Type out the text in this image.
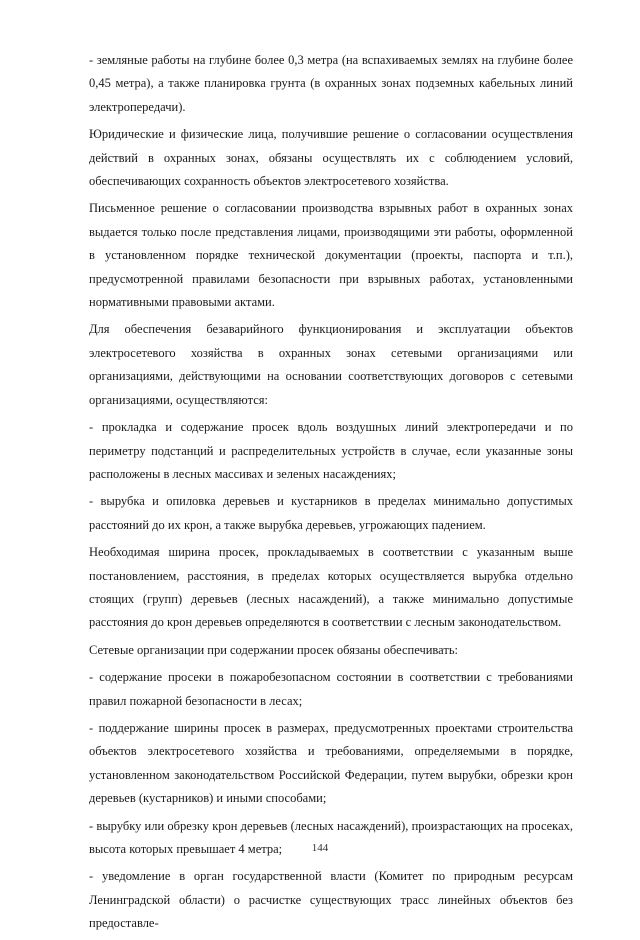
- земляные работы на глубине более 0,3 метра (на вспахиваемых землях на глубине более 0,45 метра), а также планировка грунта (в охранных зонах подземных кабельных линий электропередачи).

Юридические и физические лица, получившие решение о согласовании осуществления действий в охранных зонах, обязаны осуществлять их с соблюдением условий, обеспечивающих сохранность объектов электросетевого хозяйства.

Письменное решение о согласовании производства взрывных работ в охранных зонах выдается только после представления лицами, производящими эти работы, оформленной в установленном порядке технической документации (проекты, паспорта и т.п.), предусмотренной правилами безопасности при взрывных работах, установленными нормативными правовыми актами.

Для обеспечения безаварийного функционирования и эксплуатации объектов электросетевого хозяйства в охранных зонах сетевыми организациями или организациями, действующими на основании соответствующих договоров с сетевыми организациями, осуществляются:

- прокладка и содержание просек вдоль воздушных линий электропередачи и по периметру подстанций и распределительных устройств в случае, если указанные зоны расположены в лесных массивах и зеленых насаждениях;

- вырубка и опиловка деревьев и кустарников в пределах минимально допустимых расстояний до их крон, а также вырубка деревьев, угрожающих падением.

Необходимая ширина просек, прокладываемых в соответствии с указанным выше постановлением, расстояния, в пределах которых осуществляется вырубка отдельно стоящих (групп) деревьев (лесных насаждений), а также минимально допустимые расстояния до крон деревьев определяются в соответствии с лесным законодательством.

Сетевые организации при содержании просек обязаны обеспечивать:

- содержание просеки в пожаробезопасном состоянии в соответствии с требованиями правил пожарной безопасности в лесах;

- поддержание ширины просек в размерах, предусмотренных проектами строительства объектов электросетевого хозяйства и требованиями, определяемыми в порядке, установленном законодательством Российской Федерации, путем вырубки, обрезки крон деревьев (кустарников) и иными способами;

- вырубку или обрезку крон деревьев (лесных насаждений), произрастающих на просеках, высота которых превышает 4 метра;

- уведомление в орган государственной власти (Комитет по природным ресурсам Ленинградской области) о расчистке существующих трасс линейных объектов без предоставле-

144
